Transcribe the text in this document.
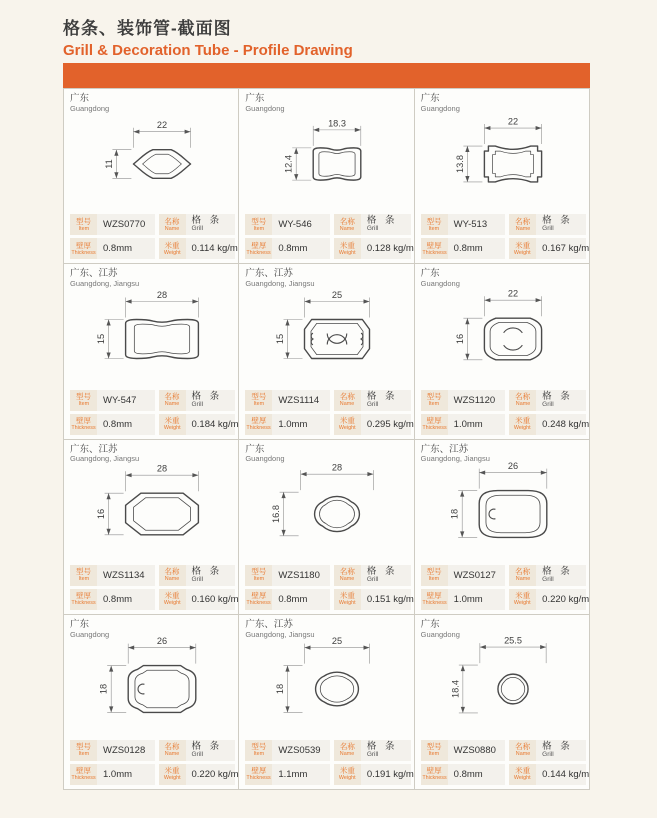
格条、装饰管-截面图
Grill & Decoration Tube - Profile Drawing
广东
Guangdong
22
11
型号
Item	WZS0770	名称
Name
格 条
Grill
壁厚
Thickness 0.8mm	米重
Weight	0.114 kg/m
广东
Guangdong
18.3
12.4
型号
Item	WY-546	名称
Name
格 条
Grill
壁厚
Thickness 0.8mm	米重
Weight	0.128 kg/m
广东
Guangdong
22
13.8
型号
Item	WY-513	名称
Name
格 条
Grill
壁厚
Thickness 0.8mm	米重
Weight	0.167 kg/m
广东、江苏
Guangdong, Jiangsu
28
15
型号
Item	WY-547	名称
Name
格 条
Grill
壁厚
Thickness 0.8mm	米重
Weight	0.184 kg/m
广东、江苏
Guangdong, Jiangsu
25
15
型号
Item	WZS1114	名称
Name
格 条
Grill
壁厚
Thickness 1.0mm	米重
Weight	0.295 kg/m
广东
Guangdong
22
16
型号
Item	WZS1120	名称
Name
格 条
Grill
壁厚
Thickness 1.0mm	米重
Weight	0.248 kg/m
广东、江苏
Guangdong, Jiangsu
28
16
型号
Item	WZS1134	名称
Name
格 条
Grill
壁厚
Thickness 0.8mm	米重
Weight	0.160 kg/m
广东
Guangdong
28
16.8
型号
Item	WZS1180	名称
Name
格 条
Grill
壁厚
Thickness 0.8mm	米重
Weight	0.151 kg/m
广东、江苏
Guangdong, Jiangsu
26
18
型号
Item	WZS0127	名称
Name
格 条
Grill
壁厚
Thickness 1.0mm	米重
Weight	0.220 kg/m
广东
Guangdong
26
18
型号
Item	WZS0128	名称
Name
格 条
Grill
壁厚
Thickness 1.0mm	米重
Weight	0.220 kg/m
广东、江苏
Guangdong, Jiangsu
25
18
型号
Item	WZS0539	名称
Name
格 条
Grill
壁厚
Thickness 1.1mm	米重
Weight	0.191 kg/m
广东
Guangdong
25.5
18.4
型号
Item	WZS0880	名称
Name
格 条
Grill
壁厚
Thickness 0.8mm	米重
Weight	0.144 kg/m
